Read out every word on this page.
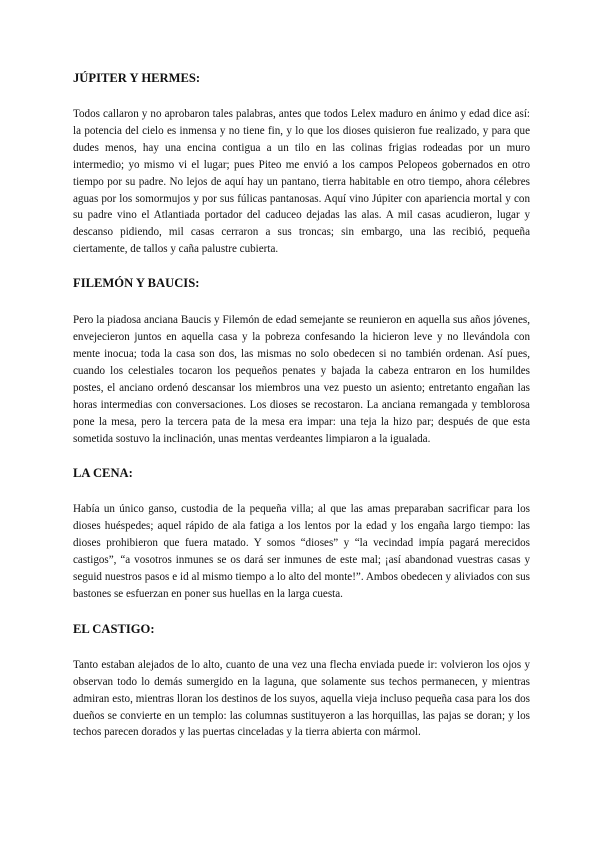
JÚPITER Y HERMES:

Todos callaron y no aprobaron tales palabras, antes que todos Lelex maduro en ánimo y edad dice así: la potencia del cielo es inmensa y no tiene fin, y lo que los dioses quisieron fue realizado, y para que dudes menos, hay una encina contigua a un tilo en las colinas frigias rodeadas por un muro intermedio; yo mismo vi el lugar; pues Piteo me envió a los campos Pelopeos gobernados en otro tiempo por su padre. No lejos de aquí hay un pantano, tierra habitable en otro tiempo, ahora célebres aguas por los somormujos y por sus fúlicas pantanosas. Aquí vino Júpiter con apariencia mortal y con su padre vino el Atlantiada portador del caduceo dejadas las alas. A mil casas acudieron, lugar y descanso pidiendo, mil casas cerraron a sus troncas; sin embargo, una las recibió, pequeña ciertamente, de tallos y caña palustre cubierta.

FILEMÓN Y BAUCIS:

Pero la piadosa anciana Baucis y Filemón de edad semejante se reunieron en aquella sus años jóvenes, envejecieron juntos en aquella casa y la pobreza confesando la hicieron leve y no llevándola con mente inocua; toda la casa son dos, las mismas no solo obedecen si no también ordenan. Así pues, cuando los celestiales tocaron los pequeños penates y bajada la cabeza entraron en los humildes postes, el anciano ordenó descansar los miembros una vez puesto un asiento; entretanto engañan las horas intermedias con conversaciones. Los dioses se recostaron. La anciana remangada y temblorosa pone la mesa, pero la tercera pata de la mesa era impar: una teja la hizo par; después de que esta sometida sostuvo la inclinación, unas mentas verdeantes limpiaron a la igualada.

LA CENA:

Había un único ganso, custodia de la pequeña villa; al que las amas preparaban sacrificar para los dioses huéspedes; aquel rápido de ala fatiga a los lentos por la edad y los engaña largo tiempo: las dioses prohibieron que fuera matado. Y somos “dioses” y “la vecindad impía pagará merecidos castigos”, “a vosotros inmunes se os dará ser inmunes de este mal; ¡así abandonad vuestras casas y seguid nuestros pasos e id al mismo tiempo a lo alto del monte!”. Ambos obedecen y aliviados con sus bastones se esfuerzan en poner sus huellas en la larga cuesta.

EL CASTIGO:

Tanto estaban alejados de lo alto, cuanto de una vez una flecha enviada puede ir: volvieron los ojos y observan todo lo demás sumergido en la laguna, que solamente sus techos permanecen, y mientras admiran esto, mientras lloran los destinos de los suyos, aquella vieja incluso pequeña casa para los dos dueños se convierte en un templo: las columnas sustituyeron a las horquillas, las pajas se doran; y los techos parecen dorados y las puertas cinceladas y la tierra abierta con mármol.
